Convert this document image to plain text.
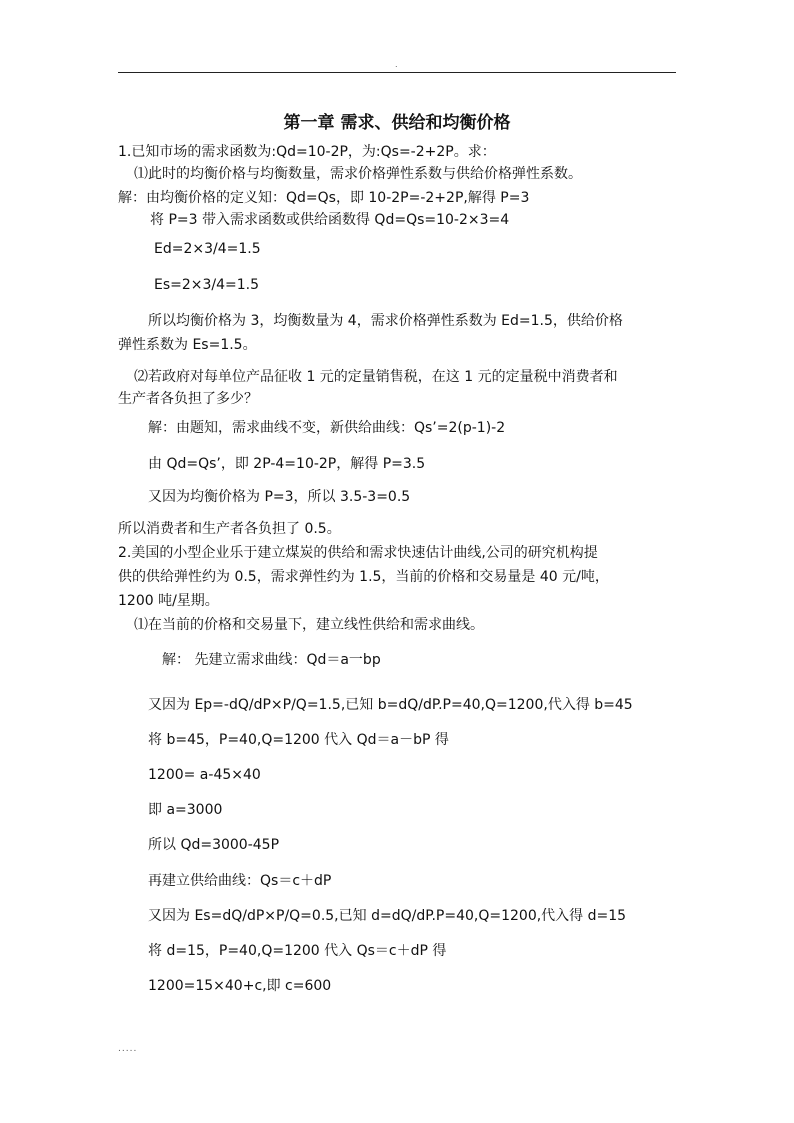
.
第一章 需求、供给和均衡价格
1.已知市场的需求函数为:Qd=10-2P，为:Qs=-2+2P。求：
⑴此时的均衡价格与均衡数量，需求价格弹性系数与供给价格弹性系数。
解：由均衡价格的定义知：Qd=Qs，即 10-2P=-2+2P,解得 P=3
将 P=3 带入需求函数或供给函数得 Qd=Qs=10-2×3=4
Ed=2×3/4=1.5
Es=2×3/4=1.5
所以均衡价格为 3，均衡数量为 4，需求价格弹性系数为 Ed=1.5，供给价格
弹性系数为 Es=1.5。
⑵若政府对每单位产品征收 1 元的定量销售税，在这 1 元的定量税中消费者和
生产者各负担了多少？
解：由题知，需求曲线不变，新供给曲线：Qs’=2(p-1)-2
由 Qd=Qs’，即 2P-4=10-2P，解得 P=3.5
又因为均衡价格为 P=3，所以 3.5-3=0.5
所以消费者和生产者各负担了 0.5。
2.美国的小型企业乐于建立煤炭的供给和需求快速估计曲线,公司的研究机构提
供的供给弹性约为 0.5，需求弹性约为 1.5，当前的价格和交易量是 40 元/吨，
1200 吨/星期。
⑴在当前的价格和交易量下，建立线性供给和需求曲线。
解： 先建立需求曲线：Qd＝a一bp
又因为 Ep=-dQ/dP×P/Q=1.5,已知 b=dQ/dP.P=40,Q=1200,代入得 b=45
将 b=45，P=40,Q=1200 代入 Qd＝a－bP 得
1200= a-45×40
即 a=3000
所以 Qd=3000-45P
再建立供给曲线：Qs＝c＋dP
又因为 Es=dQ/dP×P/Q=0.5,已知 d=dQ/dP.P=40,Q=1200,代入得 d=15
将 d=15，P=40,Q=1200 代入 Qs＝c＋dP 得
1200=15×40+c,即 c=600
.....
